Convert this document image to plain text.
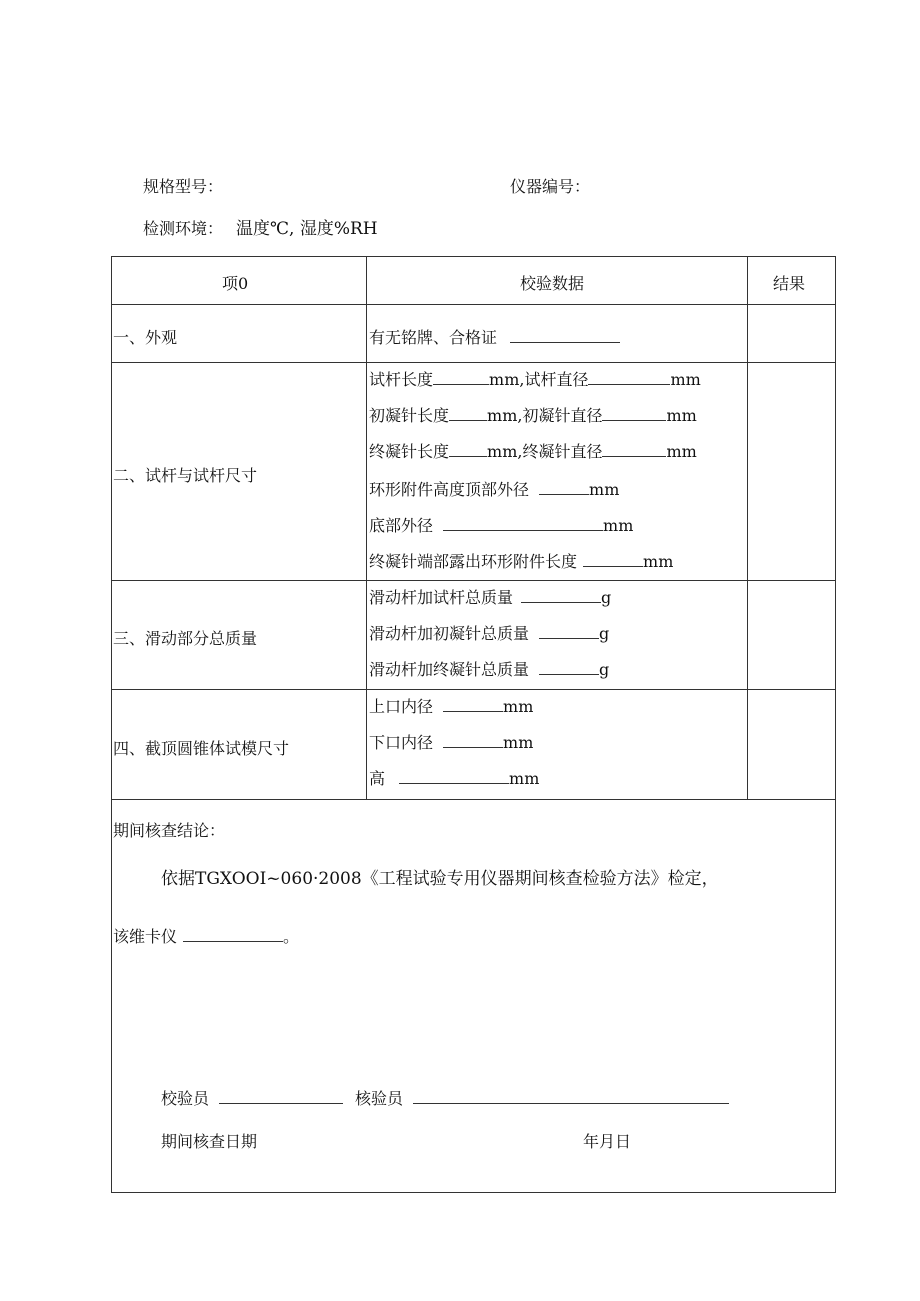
规格型号：	仪器编号：
检测环境： 温度℃, 湿度%RH
项0	校验数据	结果
一、外观	有无铭牌、合格证
二、试杆与试杆尺寸
试杆长度	mm,试杆直径	mm
初凝针长度 mm,初凝针直径	mm
终凝针长度 mm,终凝针直径	mm
环形附件高度顶部外径	mm
底部外径	mm
终凝针端部露出环形附件长度	mm
三、滑动部分总质量
滑动杆加试杆总质量	g
滑动杆加初凝针总质量	g
滑动杆加终凝针总质量	g
四、截顶圆锥体试模尺寸
上口内径	mm
下口内径	mm
高	mm
期间核查结论：
依据TGXOOI~060·2008《工程试验专用仪器期间核查检验方法》检定，
该维卡仪	。
校验员	核验员
期间核查日期	年月日
